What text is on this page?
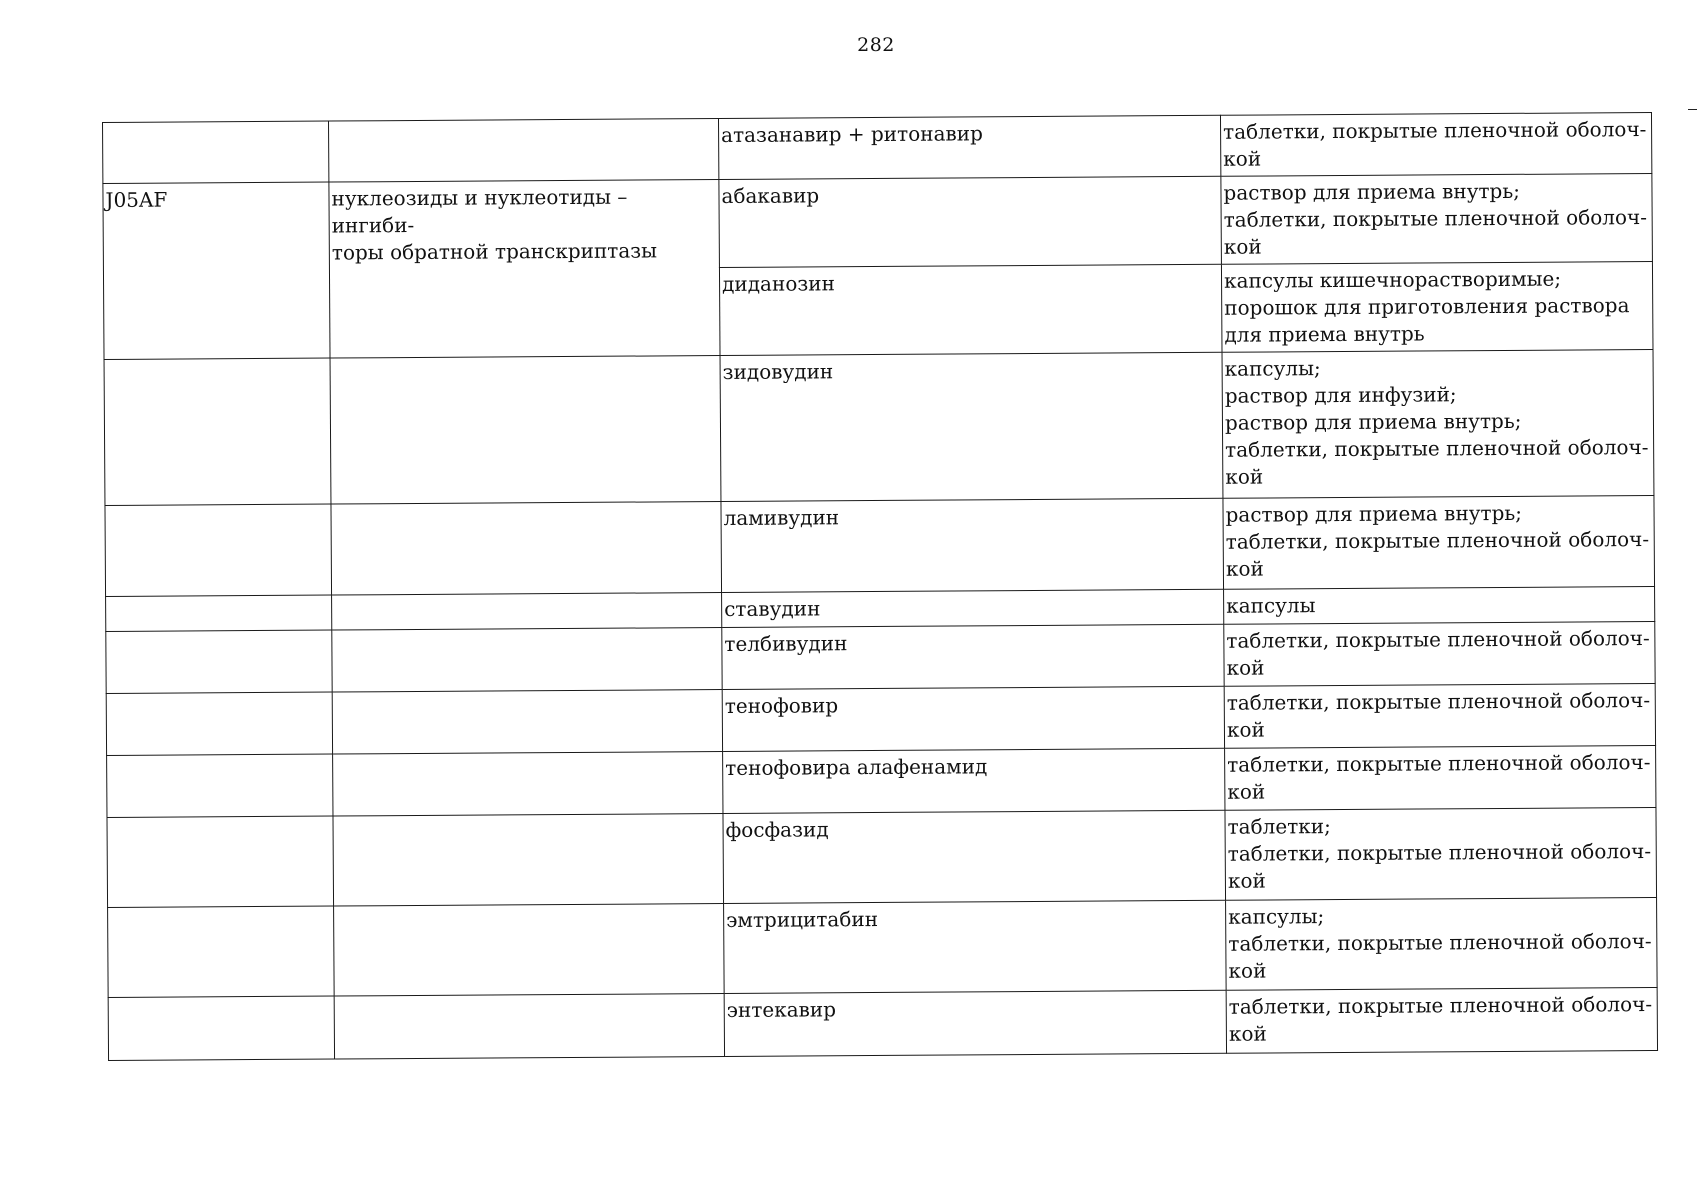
282
		атазанавир + ритонавир	таблетки, покрытые пленочной оболоч-
кой
J05AF	нуклеозиды и нуклеотиды – ингиби-
торы обратной транскриптазы	абакавир	раствор для приема внутрь;
таблетки, покрытые пленочной оболоч-
кой
		диданозин	капсулы кишечнорастворимые;
порошок для приготовления раствора
для приема внутрь
		зидовудин	капсулы;
раствор для инфузий;
раствор для приема внутрь;
таблетки, покрытые пленочной оболоч-
кой
		ламивудин	раствор для приема внутрь;
таблетки, покрытые пленочной оболоч-
кой
		ставудин	капсулы
		телбивудин	таблетки, покрытые пленочной оболоч-
кой
		тенофовир	таблетки, покрытые пленочной оболоч-
кой
		тенофовира алафенамид	таблетки, покрытые пленочной оболоч-
кой
		фосфазид	таблетки;
таблетки, покрытые пленочной оболоч-
кой
		эмтрицитабин	капсулы;
таблетки, покрытые пленочной оболоч-
кой
		энтекавир	таблетки, покрытые пленочной оболоч-
кой
